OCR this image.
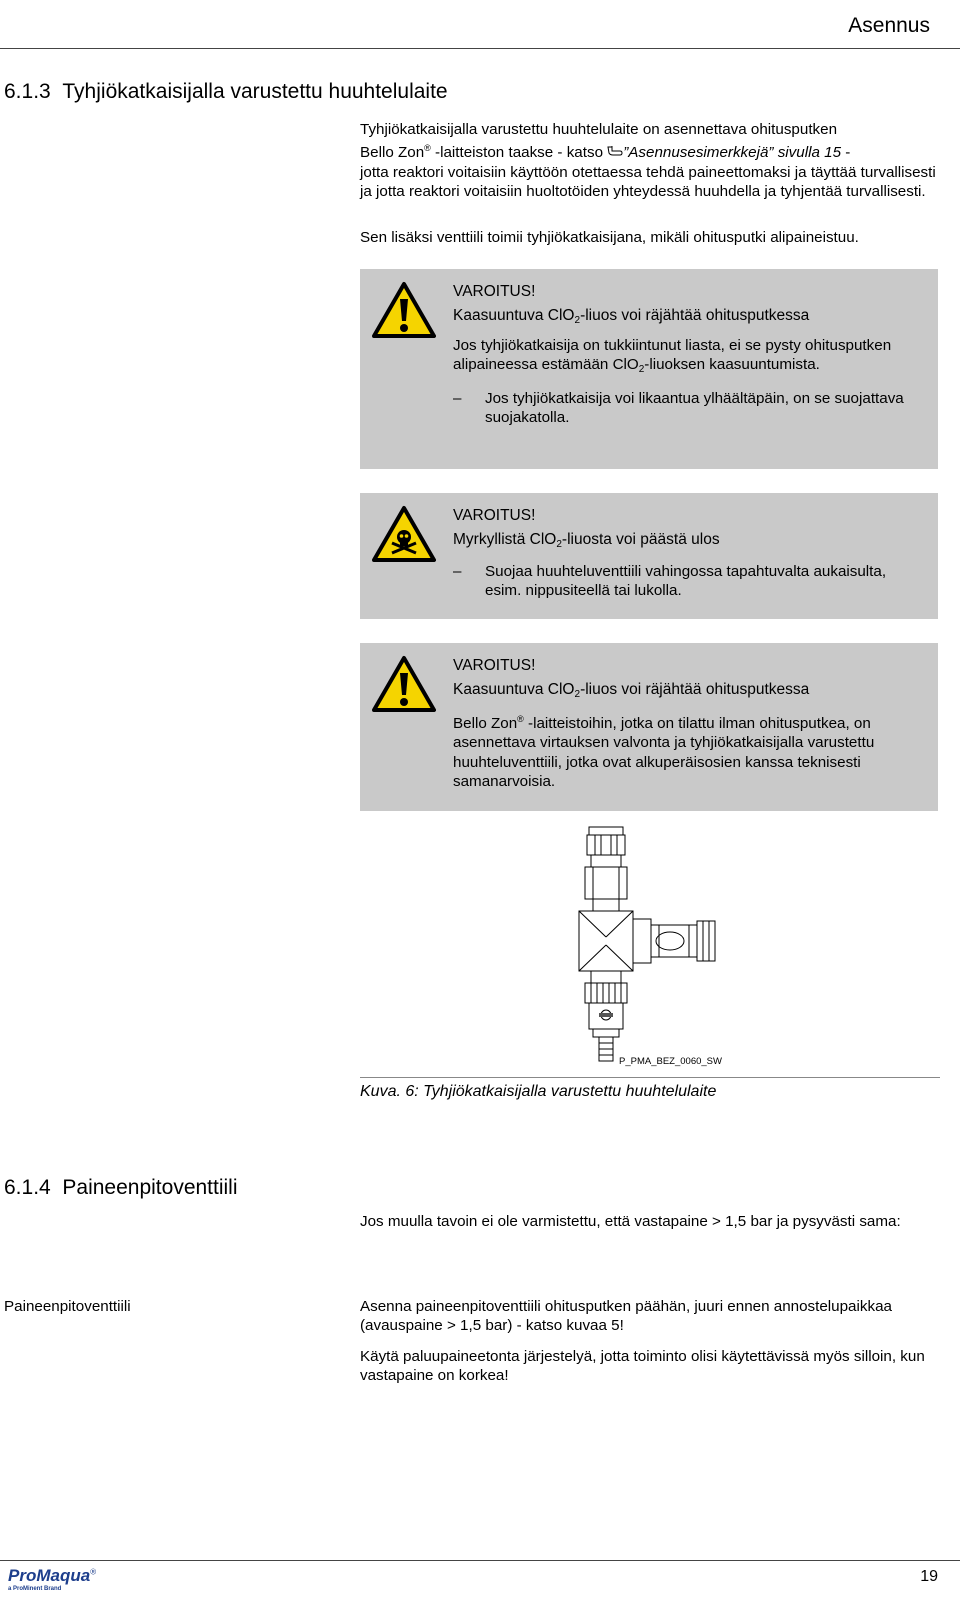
Asennus
6.1.3 Tyhjiökatkaisijalla varustettu huuhtelulaite
Tyhjiökatkaisijalla varustettu huuhtelulaite on asennettava ohitusputken
Bello Zon® -laitteiston taakse - katso ”Asennusesimerkkejä” sivulla 15 -
jotta reaktori voitaisiin käyttöön otettaessa tehdä paineettomaksi ja täyttää turvallisesti ja jotta reaktori voitaisiin huoltotöiden yhteydessä huuhdella ja tyhjentää turvallisesti.
Sen lisäksi venttiili toimii tyhjiökatkaisijana, mikäli ohitusputki alipaineistuu.
VAROITUS!
Kaasuuntuva ClO$_2$-liuos voi räjähtää ohitusputkessa
Jos tyhjiökatkaisija on tukkiintunut liasta, ei se pysty ohitusputken alipaineessa estämään ClO$_2$-liuoksen kaasuuntumista.
–	Jos tyhjiökatkaisija voi likaantua ylhäältäpäin, on se suojattava suojakatolla.
VAROITUS!
Myrkyllistä ClO$_2$-liuosta voi päästä ulos
–	Suojaa huuhteluventtiili vahingossa tapahtuvalta aukaisulta, esim. nippusiteellä tai lukolla.
VAROITUS!
Kaasuuntuva ClO$_2$-liuos voi räjähtää ohitusputkessa
Bello Zon® -laitteistoihin, jotka on tilattu ilman ohitusputkea, on asennettava virtauksen valvonta ja tyhjiökatkaisijalla varustettu huuhteluventtiili, jotka ovat alkuperäisosien kanssa teknisesti samanarvoisia.
P_PMA_BEZ_0060_SW
Kuva. 6: Tyhjiökatkaisijalla varustettu huuhtelulaite
6.1.4 Paineenpitoventtiili
Jos muulla tavoin ei ole varmistettu, että vastapaine > 1,5 bar ja pysyvästi sama:
Paineenpitoventtiili	Asenna paineenpitoventtiili ohitusputken päähän, juuri ennen annostelupaikkaa (avauspaine > 1,5 bar) - katso kuvaa 5!
Käytä paluupaineetonta järjestelyä, jotta toiminto olisi käytettävissä myös silloin, kun vastapaine on korkea!
ProMaqua®
a ProMinent Brand
19
